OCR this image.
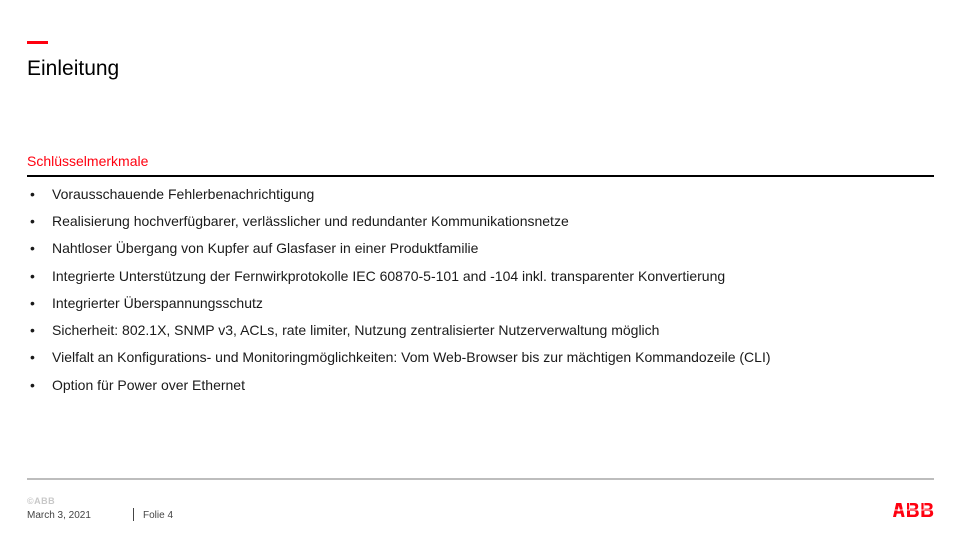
Einleitung
Schlüsselmerkmale
•	Vorausschauende Fehlerbenachrichtigung
•	Realisierung hochverfügbarer, verlässlicher und redundanter Kommunikationsnetze
•	Nahtloser Übergang von Kupfer auf Glasfaser in einer Produktfamilie
•	Integrierte Unterstützung der Fernwirkprotokolle IEC 60870-5-101 and -104 inkl. transparenter Konvertierung
•	Integrierter Überspannungsschutz
•	Sicherheit: 802.1X, SNMP v3, ACLs, rate limiter, Nutzung zentralisierter Nutzerverwaltung möglich
•	Vielfalt an Konfigurations- und Monitoringmöglichkeiten: Vom Web-Browser bis zur mächtigen Kommandozeile (CLI)
•	Option für Power over Ethernet
©ABB
March 3, 2021	Folie 4
